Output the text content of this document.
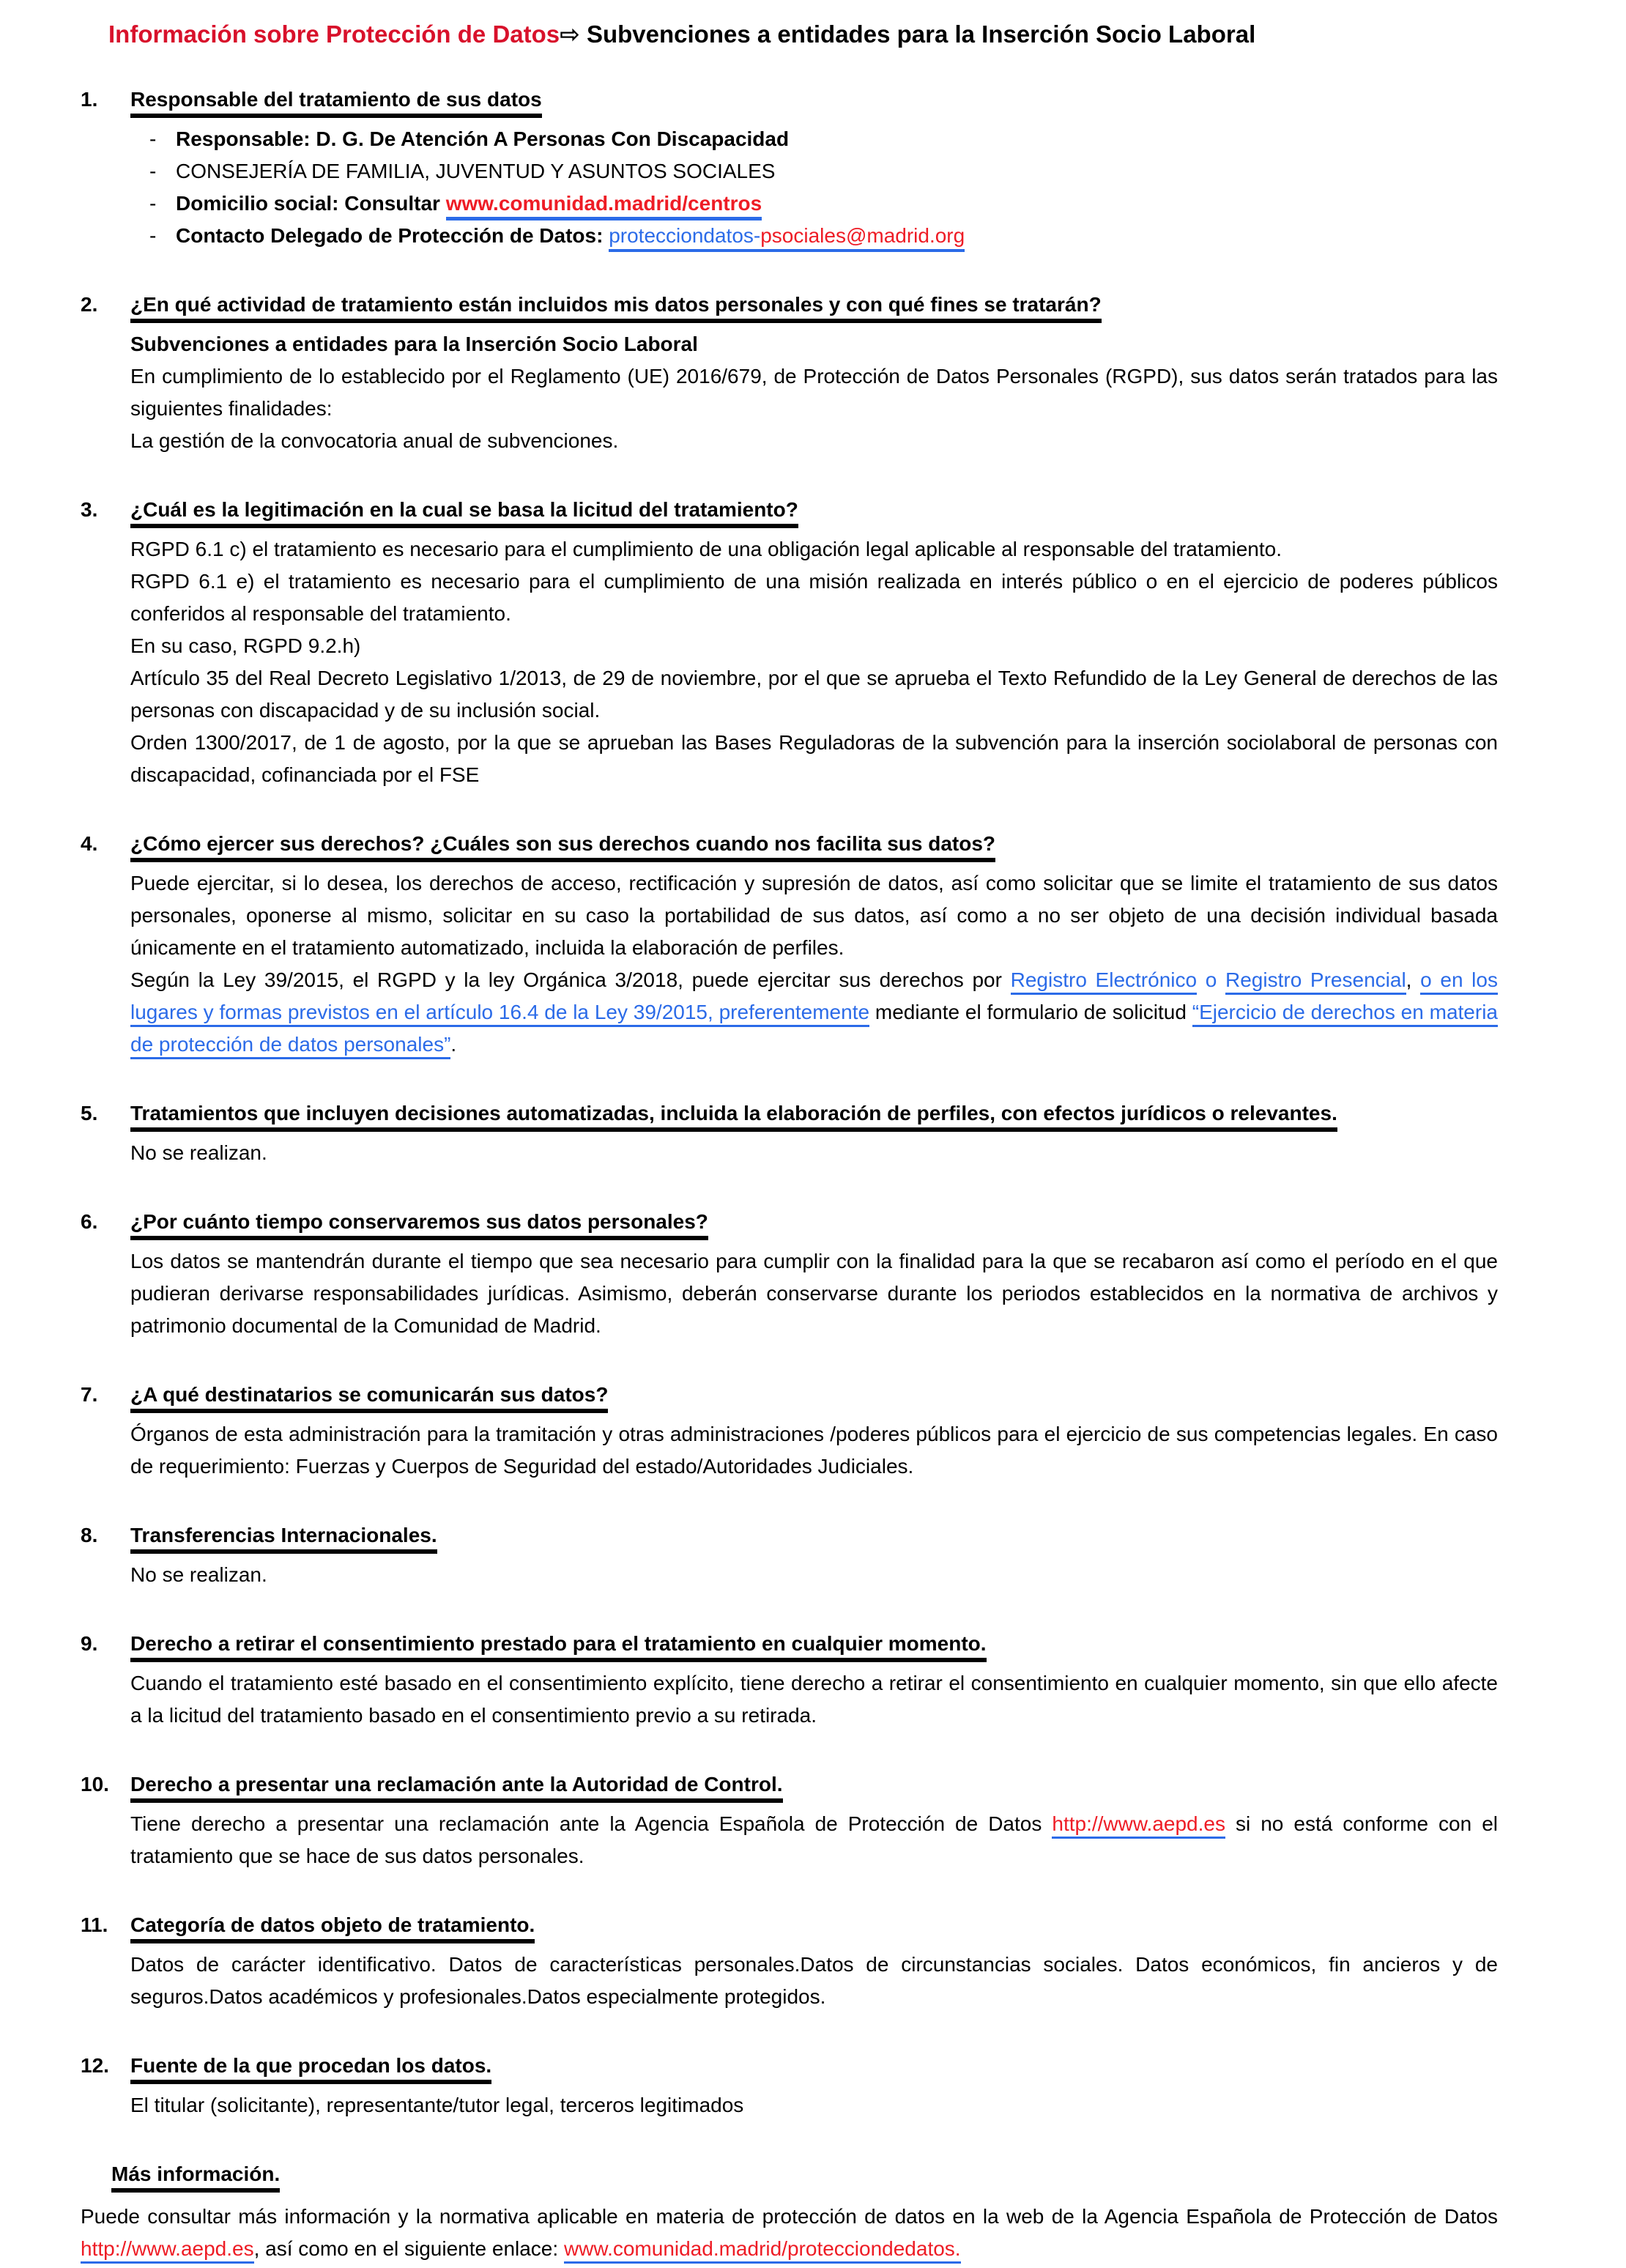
Información sobre Protección de Datos⇨ Subvenciones a entidades para la Inserción Socio Laboral
1.	Responsable del tratamiento de sus datos
- Responsable: D. G. De Atención A Personas Con Discapacidad
- CONSEJERÍA DE FAMILIA, JUVENTUD Y ASUNTOS SOCIALES
- Domicilio social: Consultar www.comunidad.madrid/centros
- Contacto Delegado de Protección de Datos: protecciondatos-psociales@madrid.org
2.	¿En qué actividad de tratamiento están incluidos mis datos personales y con qué fines se tratarán?

Subvenciones a entidades para la Inserción Socio Laboral

En cumplimiento de lo establecido por el Reglamento (UE) 2016/679, de Protección de Datos Personales (RGPD), sus datos serán tratados para las siguientes finalidades:

La gestión de la convocatoria anual de subvenciones.

3.	¿Cuál es la legitimación en la cual se basa la licitud del tratamiento?

RGPD 6.1 c) el tratamiento es necesario para el cumplimiento de una obligación legal aplicable al responsable del tratamiento.

RGPD 6.1 e) el tratamiento es necesario para el cumplimiento de una misión realizada en interés público o en el ejercicio de poderes públicos conferidos al responsable del tratamiento.

En su caso, RGPD 9.2.h)

Artículo 35 del Real Decreto Legislativo 1/2013, de 29 de noviembre, por el que se aprueba el Texto Refundido de la Ley General de derechos de las personas con discapacidad y de su inclusión social.

Orden 1300/2017, de 1 de agosto, por la que se aprueban las Bases Reguladoras de la subvención para la inserción sociolaboral de personas con discapacidad, cofinanciada por el FSE

4.	¿Cómo ejercer sus derechos? ¿Cuáles son sus derechos cuando nos facilita sus datos?

Puede ejercitar, si lo desea, los derechos de acceso, rectificación y supresión de datos, así como solicitar que se limite el tratamiento de sus datos personales, oponerse al mismo, solicitar en su caso la portabilidad de sus datos, así como a no ser objeto de una decisión individual basada únicamente en el tratamiento automatizado, incluida la elaboración de perfiles.

Según la Ley 39/2015, el RGPD y la ley Orgánica 3/2018, puede ejercitar sus derechos por Registro Electrónico o Registro Presencial, o en los lugares y formas previstos en el artículo 16.4 de la Ley 39/2015, preferentemente mediante el formulario de solicitud “Ejercicio de derechos en materia de protección de datos personales”.

5.	Tratamientos que incluyen decisiones automatizadas, incluida la elaboración de perfiles, con efectos jurídicos o relevantes.

No se realizan.

6.	¿Por cuánto tiempo conservaremos sus datos personales?

Los datos se mantendrán durante el tiempo que sea necesario para cumplir con la finalidad para la que se recabaron así como el período en el que pudieran derivarse responsabilidades jurídicas. Asimismo, deberán conservarse durante los periodos establecidos en la normativa de archivos y patrimonio documental de la Comunidad de Madrid.

7.	¿A qué destinatarios se comunicarán sus datos?

Órganos de esta administración para la tramitación y otras administraciones /poderes públicos para el ejercicio de sus competencias legales. En caso de requerimiento: Fuerzas y Cuerpos de Seguridad del estado/Autoridades Judiciales.

8.	Transferencias Internacionales.

No se realizan.

9.	Derecho a retirar el consentimiento prestado para el tratamiento en cualquier momento.

Cuando el tratamiento esté basado en el consentimiento explícito, tiene derecho a retirar el consentimiento en cualquier momento, sin que ello afecte a la licitud del tratamiento basado en el consentimiento previo a su retirada.

10.	Derecho a presentar una reclamación ante la Autoridad de Control.

Tiene derecho a presentar una reclamación ante la Agencia Española de Protección de Datos http://www.aepd.es si no está conforme con el tratamiento que se hace de sus datos personales.

11.	Categoría de datos objeto de tratamiento.

Datos de carácter identificativo. Datos de características personales.Datos de circunstancias sociales. Datos económicos, fin ancieros y de seguros.Datos académicos y profesionales.Datos especialmente protegidos.

12.	Fuente de la que procedan los datos.

El titular (solicitante), representante/tutor legal, terceros legitimados

Más información.

Puede consultar más información y la normativa aplicable en materia de protección de datos en la web de la Agencia Española de Protección de Datos http://www.aepd.es, así como en el siguiente enlace: www.comunidad.madrid/protecciondedatos.
